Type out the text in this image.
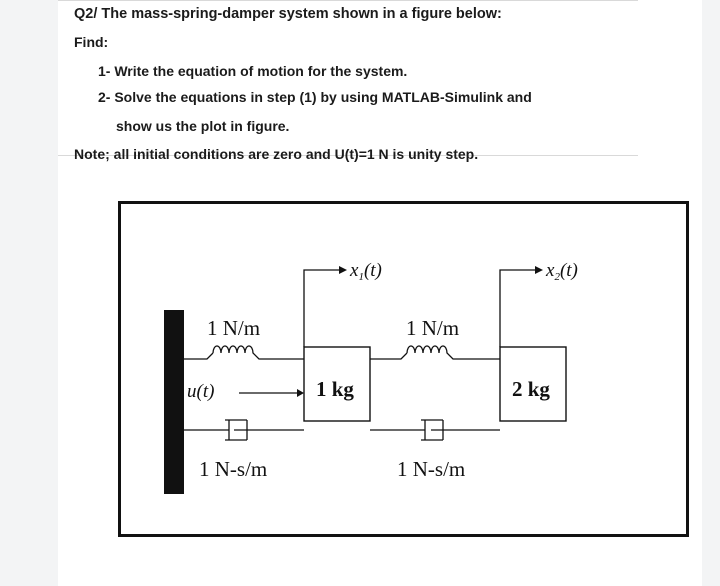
Q2/ The mass-spring-damper system shown in a figure below:
Find:
1- Write the equation of motion for the system.
2- Solve the equations in step (1) by using MATLAB-Simulink and
show us the plot in figure.
Note; all initial conditions are zero and U(t)=1 N is unity step.
$x_1(t)$	$x_2(t)$
1 N/m	1 N/m
u(t)	1 kg	2 kg
1 N-s/m	1 N-s/m
